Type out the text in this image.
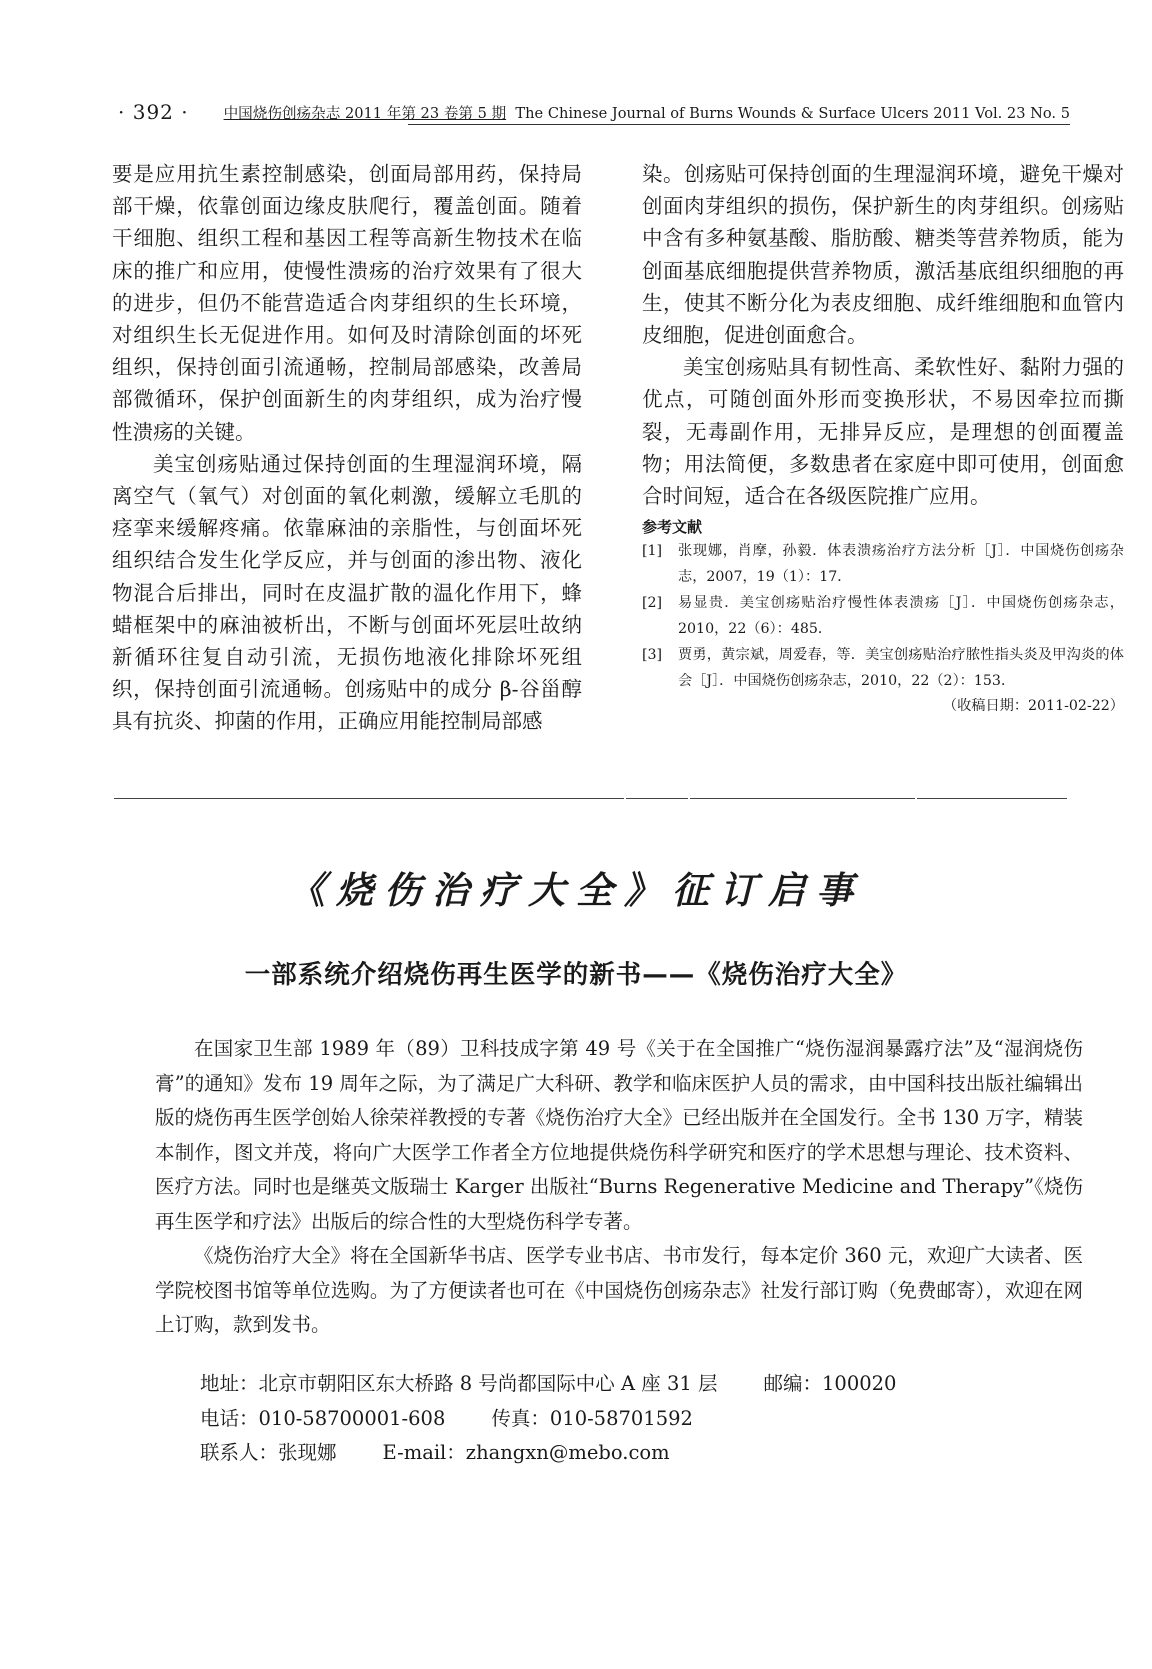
· 392 · 中国烧伤创疡杂志 2011 年第 23 卷第 5 期 The Chinese Journal of Burns Wounds & Surface Ulcers 2011 Vol. 23 No. 5

要是应用抗生素控制感染，创面局部用药，保持局部干燥，依靠创面边缘皮肤爬行，覆盖创面。随着干细胞、组织工程和基因工程等高新生物技术在临床的推广和应用，使慢性溃疡的治疗效果有了很大的进步，但仍不能营造适合肉芽组织的生长环境，对组织生长无促进作用。如何及时清除创面的坏死组织，保持创面引流通畅，控制局部感染，改善局部微循环，保护创面新生的肉芽组织，成为治疗慢性溃疡的关键。

美宝创疡贴通过保持创面的生理湿润环境，隔离空气（氧气）对创面的氧化刺激，缓解立毛肌的痉挛来缓解疼痛。依靠麻油的亲脂性，与创面坏死组织结合发生化学反应，并与创面的渗出物、液化物混合后排出，同时在皮温扩散的温化作用下，蜂蜡框架中的麻油被析出，不断与创面坏死层吐故纳新循环往复自动引流，无损伤地液化排除坏死组织，保持创面引流通畅。创疡贴中的成分 β-谷甾醇具有抗炎、抑菌的作用，正确应用能控制局部感

染。创疡贴可保持创面的生理湿润环境，避免干燥对创面肉芽组织的损伤，保护新生的肉芽组织。创疡贴中含有多种氨基酸、脂肪酸、糖类等营养物质，能为创面基底细胞提供营养物质，激活基底组织细胞的再生，使其不断分化为表皮细胞、成纤维细胞和血管内皮细胞，促进创面愈合。

美宝创疡贴具有韧性高、柔软性好、黏附力强的优点，可随创面外形而变换形状，不易因牵拉而撕裂，无毒副作用，无排异反应，是理想的创面覆盖物；用法简便，多数患者在家庭中即可使用，创面愈合时间短，适合在各级医院推广应用。

参考文献
[1]	张现娜，肖摩，孙毅．体表溃疡治疗方法分析［J］．中国烧伤创疡杂志，2007，19（1）：17．
[2]	易显贵．美宝创疡贴治疗慢性体表溃疡［J］．中国烧伤创疡杂志，2010，22（6）：485．
[3]	贾勇，黄宗斌，周爱春，等．美宝创疡贴治疗脓性指头炎及甲沟炎的体会［J］．中国烧伤创疡杂志，2010，22（2）：153．
（收稿日期：2011-02-22）
《烧伤治疗大全》征订启事
一部系统介绍烧伤再生医学的新书——《烧伤治疗大全》

在国家卫生部 1989 年（89）卫科技成字第 49 号《关于在全国推广“烧伤湿润暴露疗法”及“湿润烧伤膏”的通知》发布 19 周年之际，为了满足广大科研、教学和临床医护人员的需求，由中国科技出版社编辑出版的烧伤再生医学创始人徐荣祥教授的专著《烧伤治疗大全》已经出版并在全国发行。全书 130 万字，精装本制作，图文并茂，将向广大医学工作者全方位地提供烧伤科学研究和医疗的学术思想与理论、技术资料、医疗方法。同时也是继英文版瑞士 Karger 出版社“Burns Regenerative Medicine and Therapy”《烧伤再生医学和疗法》出版后的综合性的大型烧伤科学专著。

《烧伤治疗大全》将在全国新华书店、医学专业书店、书市发行，每本定价 360 元，欢迎广大读者、医学院校图书馆等单位选购。为了方便读者也可在《中国烧伤创疡杂志》社发行部订购（免费邮寄），欢迎在网上订购，款到发书。

地址：北京市朝阳区东大桥路 8 号尚都国际中心 A 座 31 层 邮编：100020
电话：010-58700001-608 传真：010-58701592
联系人：张现娜 E-mail：zhangxn@mebo.com
